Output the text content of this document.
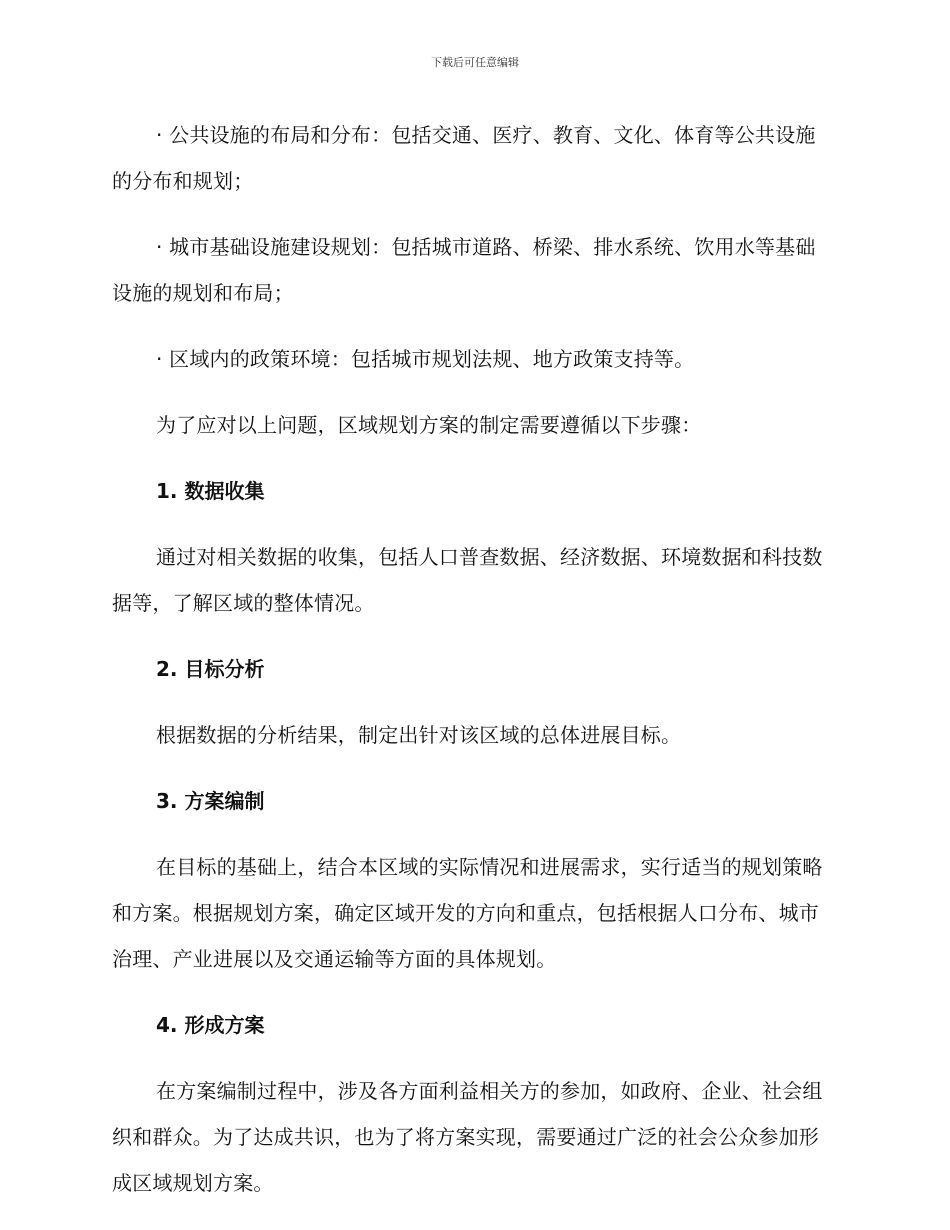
下载后可任意编辑

· 公共设施的布局和分布：包括交通、医疗、教育、文化、体育等公共设施的分布和规划；

· 城市基础设施建设规划：包括城市道路、桥梁、排水系统、饮用水等基础设施的规划和布局；

· 区域内的政策环境：包括城市规划法规、地方政策支持等。

为了应对以上问题，区域规划方案的制定需要遵循以下步骤：

1. 数据收集

通过对相关数据的收集，包括人口普查数据、经济数据、环境数据和科技数据等，了解区域的整体情况。

2. 目标分析

根据数据的分析结果，制定出针对该区域的总体进展目标。

3. 方案编制

在目标的基础上，结合本区域的实际情况和进展需求，实行适当的规划策略和方案。根据规划方案，确定区域开发的方向和重点，包括根据人口分布、城市治理、产业进展以及交通运输等方面的具体规划。

4. 形成方案

在方案编制过程中，涉及各方面利益相关方的参加，如政府、企业、社会组织和群众。为了达成共识，也为了将方案实现，需要通过广泛的社会公众参加形成区域规划方案。
